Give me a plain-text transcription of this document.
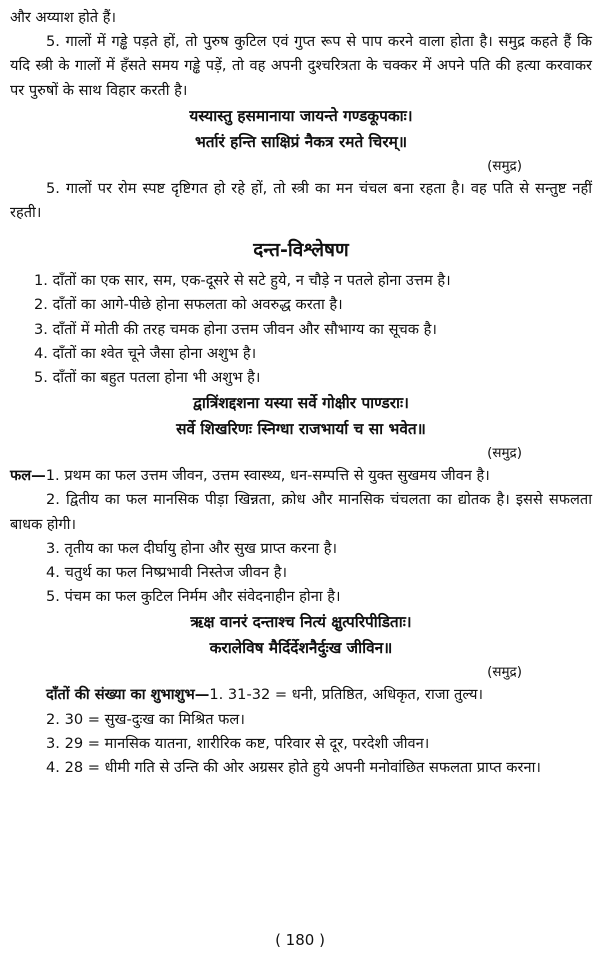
और अय्याश होते हैं।

5. गालों में गड्ढे पड़ते हों, तो पुरुष कुटिल एवं गुप्त रूप से पाप करने वाला होता है। समुद्र कहते हैं कि यदि स्त्री के गालों में हँसते समय गड्ढे पड़ें, तो वह अपनी दुश्चरित्रता के चक्कर में अपने पति की हत्या करवाकर पर पुरुषों के साथ विहार करती है।

यस्यास्तु हसमानाया जायन्ते गण्डकूपकाः।

भर्तारं हन्ति साक्षिप्रं नैकत्र रमते चिरम्॥

(समुद्र)

5. गालों पर रोम स्पष्ट दृष्टिगत हो रहे हों, तो स्त्री का मन चंचल बना रहता है। वह पति से सन्तुष्ट नहीं रहती।

दन्त-विश्लेषण

1. दाँतों का एक सार, सम, एक-दूसरे से सटे हुये, न चौड़े न पतले होना उत्तम है।

2. दाँतों का आगे-पीछे होना सफलता को अवरुद्ध करता है।

3. दाँतों में मोती की तरह चमक होना उत्तम जीवन और सौभाग्य का सूचक है।

4. दाँतों का श्वेत चूने जैसा होना अशुभ है।

5. दाँतों का बहुत पतला होना भी अशुभ है।

द्वात्रिंशद्दशना यस्या सर्वे गोक्षीर पाण्डराः।

सर्वे शिखरिणः स्निग्धा राजभार्या च सा भवेत॥

(समुद्र)

फल—1. प्रथम का फल उत्तम जीवन, उत्तम स्वास्थ्य, धन-सम्पत्ति से युक्त सुखमय जीवन है।

2. द्वितीय का फल मानसिक पीड़ा खिन्नता, क्रोध और मानसिक चंचलता का द्योतक है। इससे सफलता बाधक होगी।

3. तृतीय का फल दीर्घायु होना और सुख प्राप्त करना है।

4. चतुर्थ का फल निष्प्रभावी निस्तेज जीवन है।

5. पंचम का फल कुटिल निर्मम और संवेदनाहीन होना है।

ऋक्ष वानरं दन्ताश्च नित्यं क्षुत्परिपीडिताः।

करालेविष मैर्दिर्देशनैर्दुःख जीविन॥

(समुद्र)

दाँतों की संख्या का शुभाशुभ—1. 31-32 = धनी, प्रतिष्ठित, अधिकृत, राजा तुल्य।

2. 30 = सुख-दुःख का मिश्रित फल।

3. 29 = मानसिक यातना, शारीरिक कष्ट, परिवार से दूर, परदेशी जीवन।

4. 28 = धीमी गति से उन्ति की ओर अग्रसर होते हुये अपनी मनोवांछित सफलता प्राप्त करना।

( 180 )
